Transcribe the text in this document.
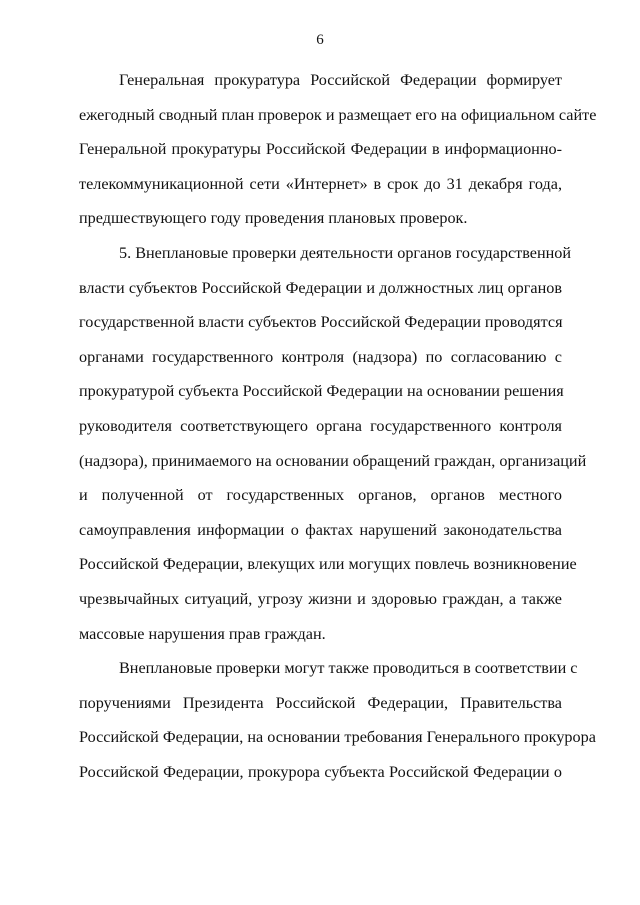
6
Генеральная прокуратура Российской Федерации формирует
ежегодный сводный план проверок и размещает его на официальном сайте
Генеральной прокуратуры Российской Федерации в информационно-
телекоммуникационной сети «Интернет» в срок до 31 декабря года,
предшествующего году проведения плановых проверок.
5. Внеплановые проверки деятельности органов государственной
власти субъектов Российской Федерации и должностных лиц органов
государственной власти субъектов Российской Федерации проводятся
органами государственного контроля (надзора) по согласованию с
прокуратурой субъекта Российской Федерации на основании решения
руководителя соответствующего органа государственного контроля
(надзора), принимаемого на основании обращений граждан, организаций
и полученной от государственных органов, органов местного
самоуправления информации о фактах нарушений законодательства
Российской Федерации, влекущих или могущих повлечь возникновение
чрезвычайных ситуаций, угрозу жизни и здоровью граждан, а также
массовые нарушения прав граждан.
Внеплановые проверки могут также проводиться в соответствии с
поручениями Президента Российской Федерации, Правительства
Российской Федерации, на основании требования Генерального прокурора
Российской Федерации, прокурора субъекта Российской Федерации о
